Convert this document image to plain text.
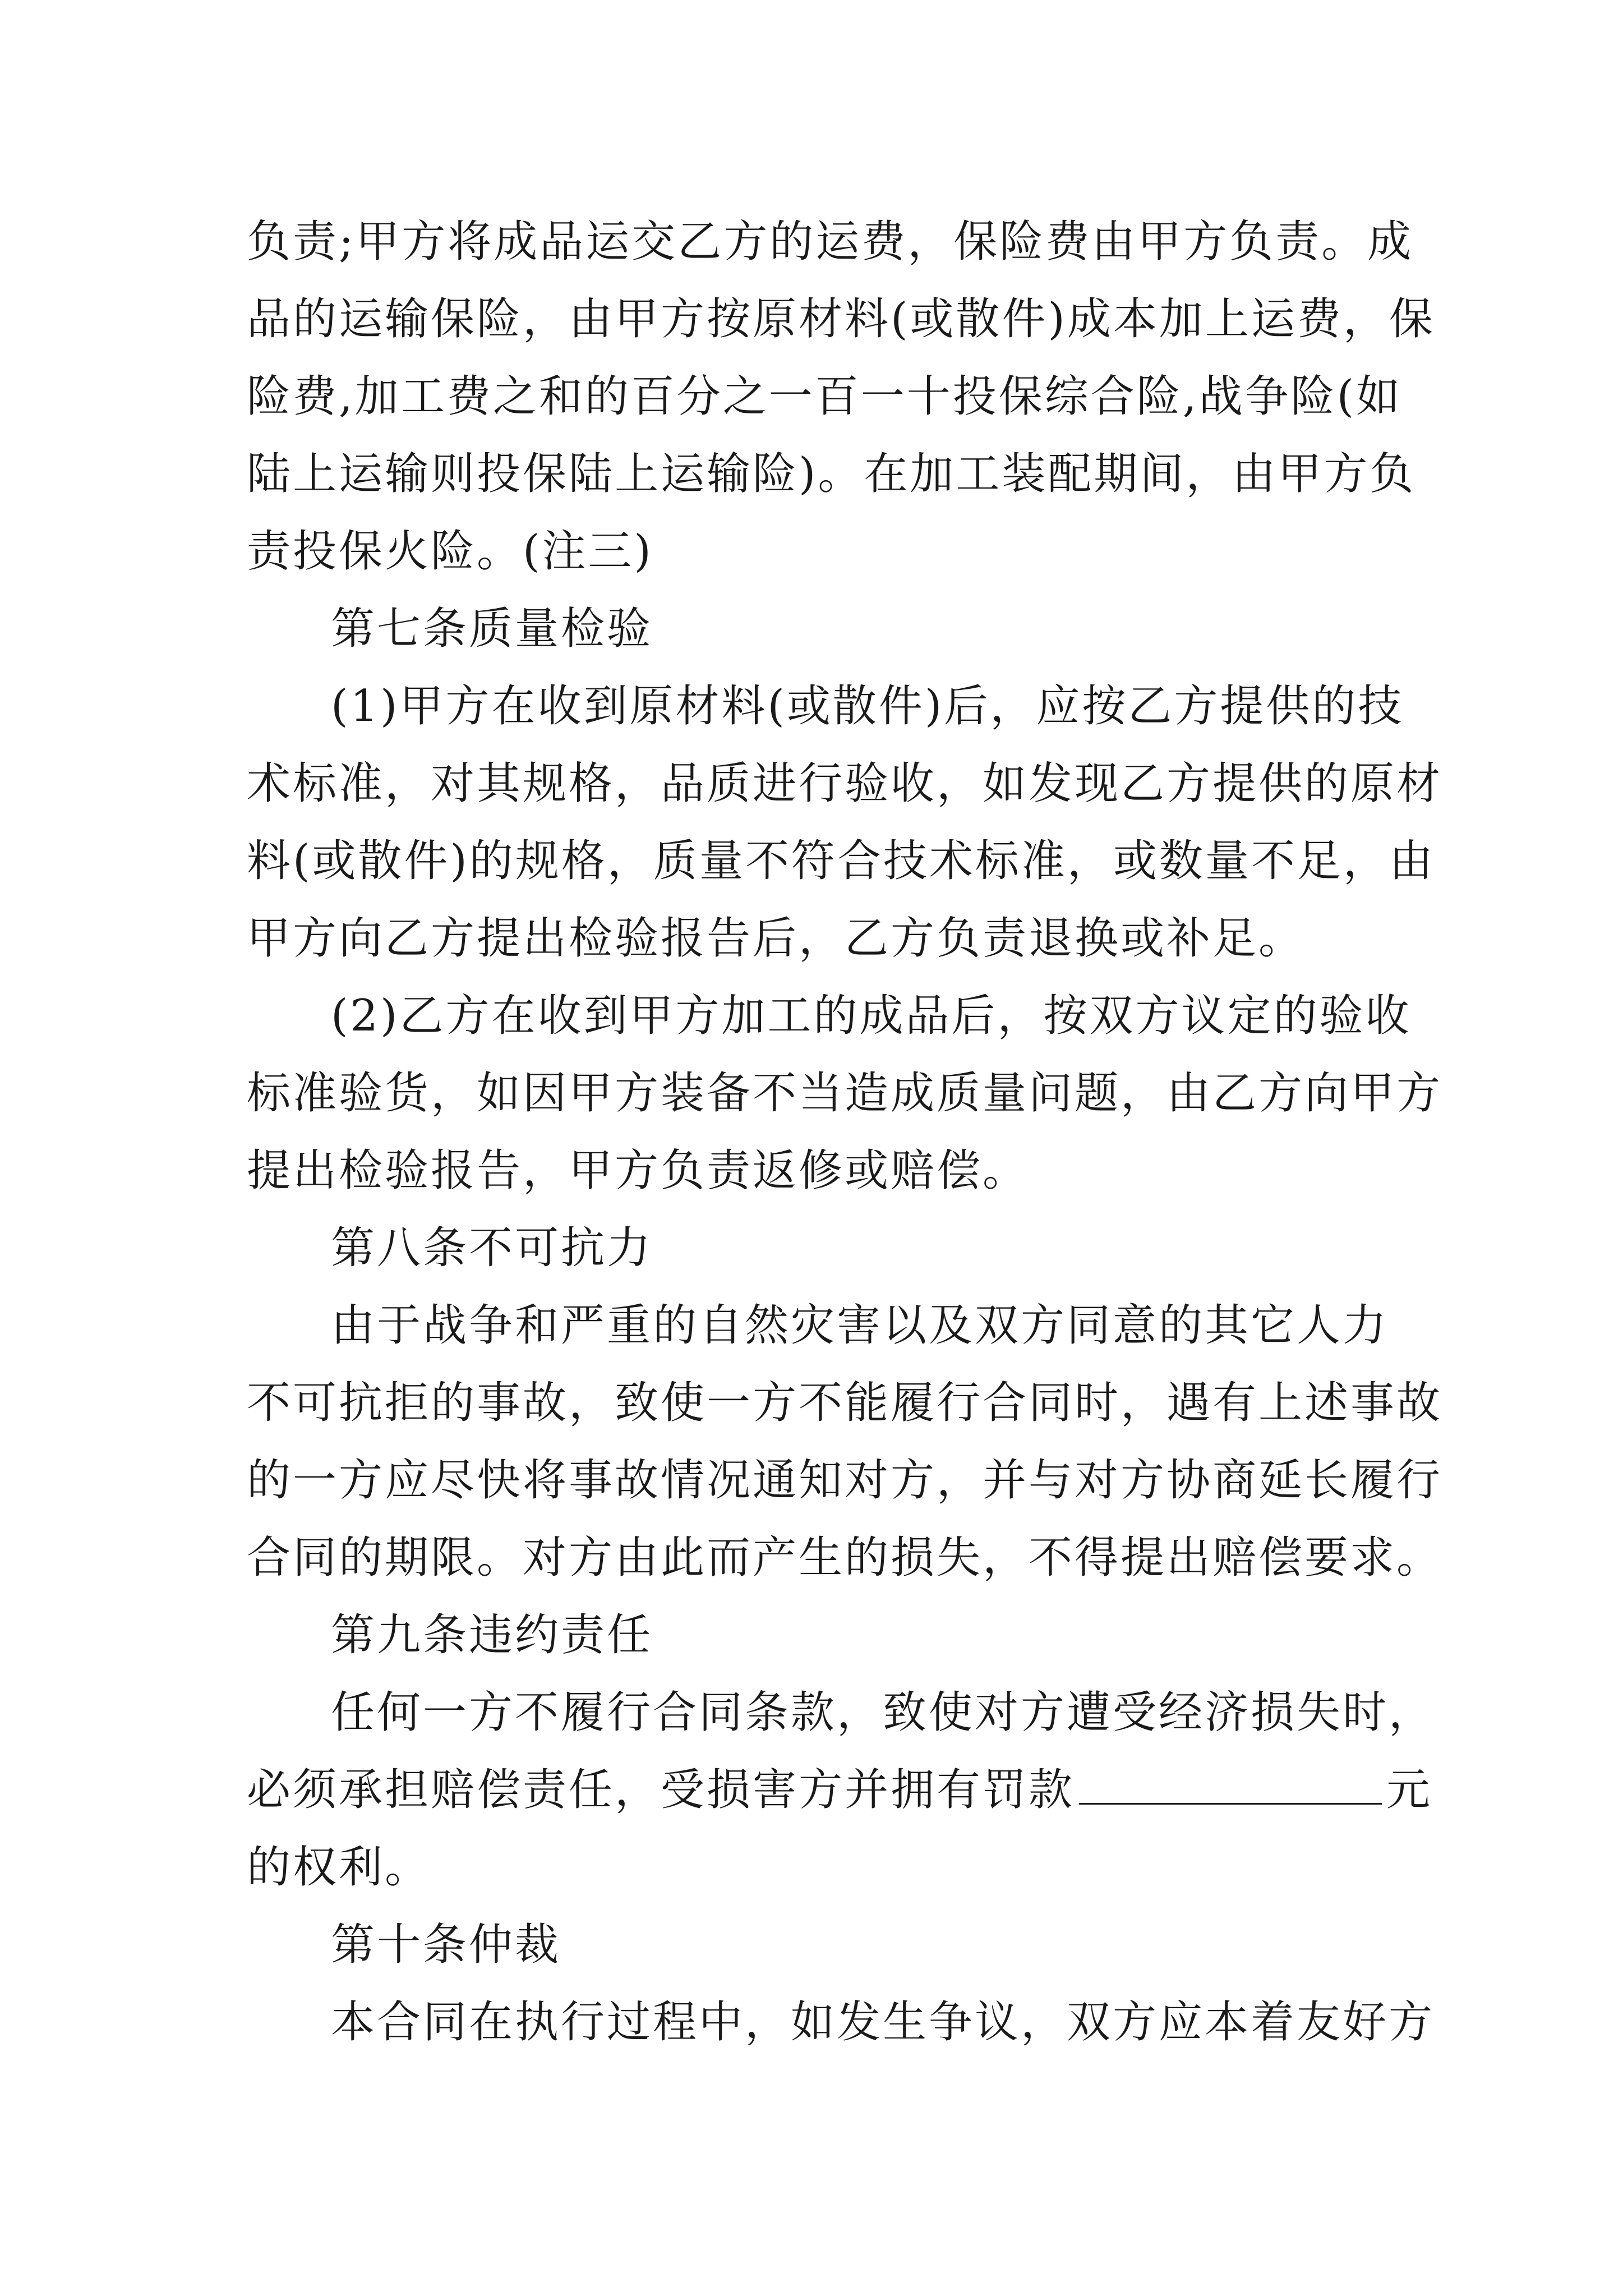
负责;甲方将成品运交乙方的运费，保险费由甲方负责。成
品的运输保险，由甲方按原材料(或散件)成本加上运费，保
险费,加工费之和的百分之一百一十投保综合险,战争险(如
陆上运输则投保陆上运输险)。在加工装配期间，由甲方负
责投保火险。(注三)
第七条质量检验
(1)甲方在收到原材料(或散件)后，应按乙方提供的技
术标准，对其规格，品质进行验收，如发现乙方提供的原材
料(或散件)的规格，质量不符合技术标准，或数量不足，由
甲方向乙方提出检验报告后，乙方负责退换或补足。
(2)乙方在收到甲方加工的成品后，按双方议定的验收
标准验货，如因甲方装备不当造成质量问题，由乙方向甲方
提出检验报告，甲方负责返修或赔偿。
第八条不可抗力
由于战争和严重的自然灾害以及双方同意的其它人力
不可抗拒的事故，致使一方不能履行合同时，遇有上述事故
的一方应尽快将事故情况通知对方，并与对方协商延长履行
合同的期限。对方由此而产生的损失，不得提出赔偿要求。
第九条违约责任
任何一方不履行合同条款，致使对方遭受经济损失时，
必须承担赔偿责任，受损害方并拥有罚款	元
的权利。
第十条仲裁
本合同在执行过程中，如发生争议，双方应本着友好方
